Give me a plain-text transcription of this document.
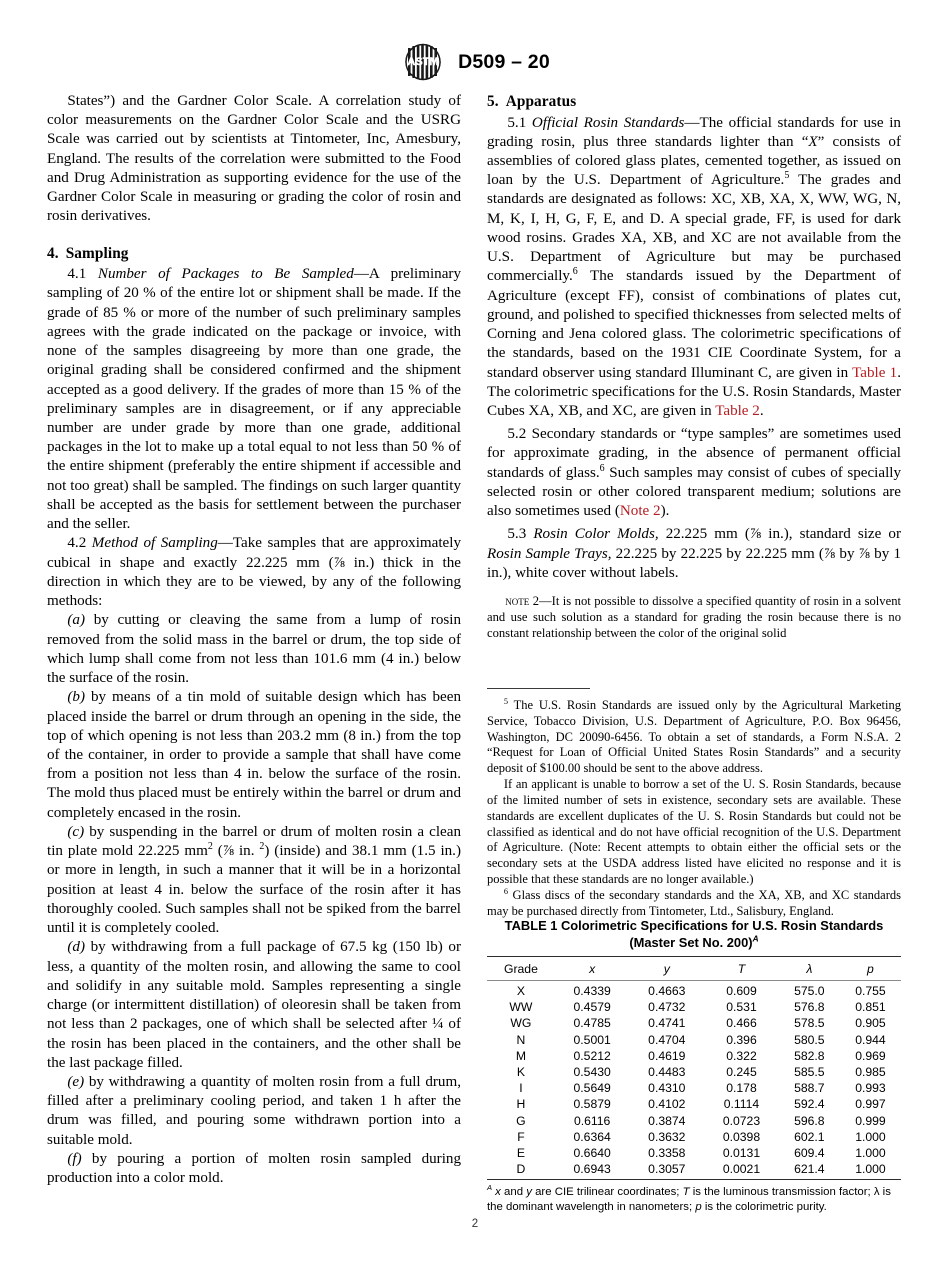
ASTM D509 – 20

States”) and the Gardner Color Scale. A correlation study of color measurements on the Gardner Color Scale and the USRG Scale was carried out by scientists at Tintometer, Inc, Amesbury, England. The results of the correlation were submitted to the Food and Drug Administration as supporting evidence for the use of the Gardner Color Scale in measuring or grading the color of rosin and rosin derivatives.

4. Sampling

4.1 Number of Packages to Be Sampled—A preliminary sampling of 20 % of the entire lot or shipment shall be made. If the grade of 85 % or more of the number of such preliminary samples agrees with the grade indicated on the package or invoice, with none of the samples disagreeing by more than one grade, the original grading shall be considered confirmed and the shipment accepted as a good delivery. If the grades of more than 15 % of the preliminary samples are in disagreement, or if any appreciable number are under grade by more than one grade, additional packages in the lot to make up a total equal to not less than 50 % of the entire shipment (preferably the entire shipment if accessible and not too great) shall be sampled. The findings on such larger quantity shall be accepted as the basis for settlement between the purchaser and the seller.

4.2 Method of Sampling—Take samples that are approximately cubical in shape and exactly 22.225 mm (⅞ in.) thick in the direction in which they are to be viewed, by any of the following methods:

(a) by cutting or cleaving the same from a lump of rosin removed from the solid mass in the barrel or drum, the top side of which lump shall come from not less than 101.6 mm (4 in.) below the surface of the rosin.

(b) by means of a tin mold of suitable design which has been placed inside the barrel or drum through an opening in the side, the top of which opening is not less than 203.2 mm (8 in.) from the top of the container, in order to provide a sample that shall have come from a position not less than 4 in. below the surface of the rosin. The mold thus placed must be entirely within the barrel or drum and completely encased in the rosin.

(c) by suspending in the barrel or drum of molten rosin a clean tin plate mold 22.225 $mm^2$ (⅞ in. $^2$) (inside) and 38.1 mm (1.5 in.) or more in length, in such a manner that it will be in a horizontal position at least 4 in. below the surface of the rosin after it has thoroughly cooled. Such samples shall not be spiked from the barrel until it is completely cooled.

(d) by withdrawing from a full package of 67.5 kg (150 lb) or less, a quantity of the molten rosin, and allowing the same to cool and solidify in any suitable mold. Samples representing a single charge (or intermittent distillation) of oleoresin shall be taken from not less than 2 packages, one of which shall be selected after ¼ of the rosin has been placed in the containers, and the other shall be the last package filled.

(e) by withdrawing a quantity of molten rosin from a full drum, filled after a preliminary cooling period, and taken 1 h after the drum was filled, and pouring some withdrawn portion into a suitable mold.

(f) by pouring a portion of molten rosin sampled during production into a color mold.

5. Apparatus

5.1 Official Rosin Standards—The official standards for use in grading rosin, plus three standards lighter than “X” consists of assemblies of colored glass plates, cemented together, as issued on loan by the U.S. Department of Agriculture.$^5$ The grades and standards are designated as follows: XC, XB, XA, X, WW, WG, N, M, K, I, H, G, F, E, and D. A special grade, FF, is used for dark wood rosins. Grades XA, XB, and XC are not available from the U.S. Department of Agriculture but may be purchased commercially.$^6$ The standards issued by the Department of Agriculture (except FF), consist of combinations of plates cut, ground, and polished to specified thicknesses from selected melts of Corning and Jena colored glass. The colorimetric specifications of the standards, based on the 1931 CIE Coordinate System, for a standard observer using standard Illuminant C, are given in Table 1. The colorimetric specifications for the U.S. Rosin Standards, Master Cubes XA, XB, and XC, are given in Table 2.

5.2 Secondary standards or “type samples” are sometimes used for approximate grading, in the absence of permanent official standards of glass.$^6$ Such samples may consist of cubes of specially selected rosin or other colored transparent medium; solutions are also sometimes used (Note 2).

5.3 Rosin Color Molds, 22.225 mm (⅞ in.), standard size or Rosin Sample Trays, 22.225 by 22.225 by 22.225 mm (⅞ by ⅞ by 1 in.), white cover without labels.

note 2—It is not possible to dissolve a specified quantity of rosin in a solvent and use such solution as a standard for grading the rosin because there is no constant relationship between the color of the original solid

$^5$ The U.S. Rosin Standards are issued only by the Agricultural Marketing Service, Tobacco Division, U.S. Department of Agriculture, P.O. Box 96456, Washington, DC 20090-6456. To obtain a set of standards, a Form N.S.A. 2 “Request for Loan of Official United States Rosin Standards” and a security deposit of $100.00 should be sent to the above address.

If an applicant is unable to borrow a set of the U. S. Rosin Standards, because of the limited number of sets in existence, secondary sets are available. These standards are excellent duplicates of the U. S. Rosin Standards but could not be classified as identical and do not have official recognition of the U.S. Department of Agriculture. (Note: Recent attempts to obtain either the official sets or the secondary sets at the USDA address listed have elicited no response and it is possible that these standards are no longer available.)

$^6$ Glass discs of the secondary standards and the XA, XB, and XC standards may be purchased directly from Tintometer, Ltd., Salisbury, England.

TABLE 1 Colorimetric Specifications for U.S. Rosin Standards
(Master Set No. 200)$^A$
Grade	x	y	T	λ	p
X	0.4339	0.4663	0.609	575.0	0.755
WW	0.4579	0.4732	0.531	576.8	0.851
WG	0.4785	0.4741	0.466	578.5	0.905
N	0.5001	0.4704	0.396	580.5	0.944
M	0.5212	0.4619	0.322	582.8	0.969
K	0.5430	0.4483	0.245	585.5	0.985
I	0.5649	0.4310	0.178	588.7	0.993
H	0.5879	0.4102	0.1114	592.4	0.997
G	0.6116	0.3874	0.0723	596.8	0.999
F	0.6364	0.3632	0.0398	602.1	1.000
E	0.6640	0.3358	0.0131	609.4	1.000
D	0.6943	0.3057	0.0021	621.4	1.000
$^A$ x and y are CIE trilinear coordinates; T is the luminous transmission factor; λ is the dominant wavelength in nanometers; p is the colorimetric purity.
2
